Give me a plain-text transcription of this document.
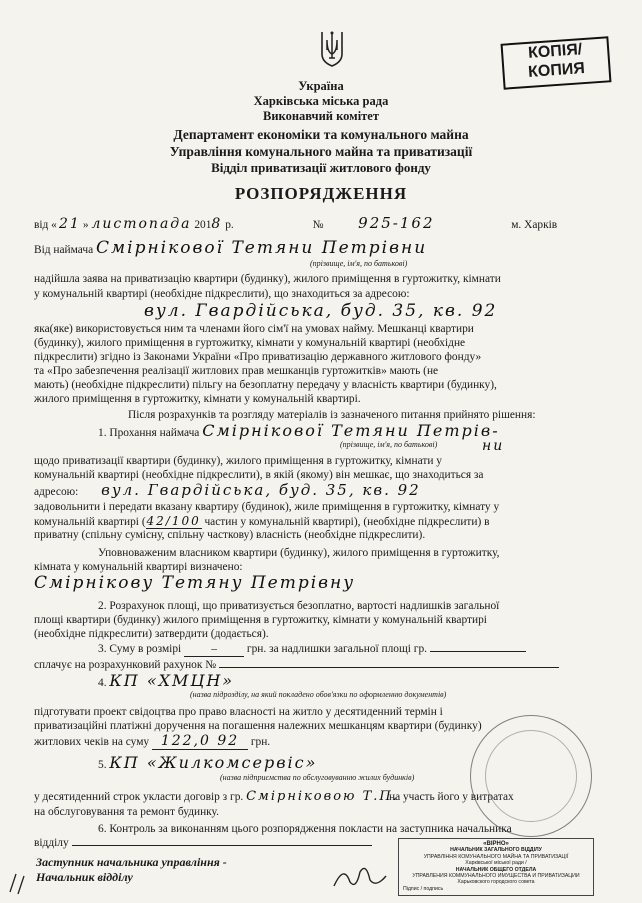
КОПІЯ/
КОПИЯ
Україна
Харківська міська рада
Виконавчий комітет
Департамент економіки та комунального майна
Управління комунального майна та приватизації
Відділ приватизації житлового фонду
РОЗПОРЯДЖЕННЯ
від « 21 » листопада 2018 р.	№ 925-162	м. Харків
Від наймача Смірнікової Тетяни Петрівни
(прізвище, ім'я, по батькові)
надійшла заява на приватизацію квартири (будинку), жилого приміщення в гуртожитку, кімнати
у комунальній квартирі (необхідне підкреслити), що знаходиться за адресою:
вул. Гвардійська, буд. 35, кв. 92
яка(яке) використовується ним та членами його сім'ї на умовах найму. Мешканці квартири
(будинку), жилого приміщення в гуртожитку, кімнати у комунальній квартирі (необхідне
підкреслити) згідно із Законами України «Про приватизацію державного житлового фонду»
та «Про забезпечення реалізації житлових прав мешканців гуртожитків» мають (не
мають) (необхідне підкреслити) пільгу на безоплатну передачу у власність квартири (будинку),
жилого приміщення в гуртожитку, кімнати у комунальній квартирі.
Після розрахунків та розгляду матеріалів із зазначеного питання прийнято рішення:
1. Прохання наймача Смірнікової Тетяни Петрів-
(прізвище, ім'я, по батькові)	ни
щодо приватизації квартири (будинку), жилого приміщення в гуртожитку, кімнати у
комунальній квартирі (необхідне підкреслити), в якій (якому) він мешкає, що знаходиться за
адресою: вул. Гвардійська, буд. 35, кв. 92
задовольнити і передати вказану квартиру (будинок), жиле приміщення в гуртожитку, кімнату у
комунальній квартирі (42/100 частин у комунальній квартирі), (необхідне підкреслити) в
приватну (спільну сумісну, спільну часткову) власність (необхідне підкреслити).
Уповноваженим власником квартири (будинку), жилого приміщення в гуртожитку,
кімната у комунальній квартирі визначено:
Смірнікову Тетяну Петрівну
2. Розрахунок площі, що приватизується безоплатно, вартості надлишків загальної
площі квартири (будинку) жилого приміщення в гуртожитку, кімнати у комунальній квартирі
(необхідне підкреслити) затвердити (додається).
3. Суму в розмірі	–	грн. за надлишки загальної площі гр.
сплачує на розрахунковий рахунок №
4. КП «ХМЦН»
(назва підрозділу, на який покладено обов'язки по оформленню документів)
підготувати проект свідоцтва про право власності на житло у десятиденний термін і
приватизаційні платіжні доручення на погашення належних мешканцям квартири (будинку)
житлових чеків на суму 122,0 92 грн.
5. КП «Жилкомсервіс»
(назва підприємства по обслуговуванню жилих будинків)
у десятиденний строк укласти договір з гр. Смірніковою Т.П. на участь його у витратах
на обслуговування та ремонт будинку.
6. Контроль за виконанням цього розпорядження покласти на заступника начальника
відділу
Заступник начальника управління -
Начальник відділу
«ВІРНО»
НАЧАЛЬНИК ЗАГАЛЬНОГО ВІДДІЛУ
УПРАВЛІННЯ КОМУНАЛЬНОГО МАЙНА ТА ПРИВАТИЗАЦІЇ
Харківської міської ради /
НАЧАЛЬНИК ОБЩЕГО ОТДЕЛА
УПРАВЛЕНИЯ КОММУНАЛЬНОГО ИМУЩЕСТВА И ПРИВАТИЗАЦИИ
Харьковского городского совета
Підпис / подпись
